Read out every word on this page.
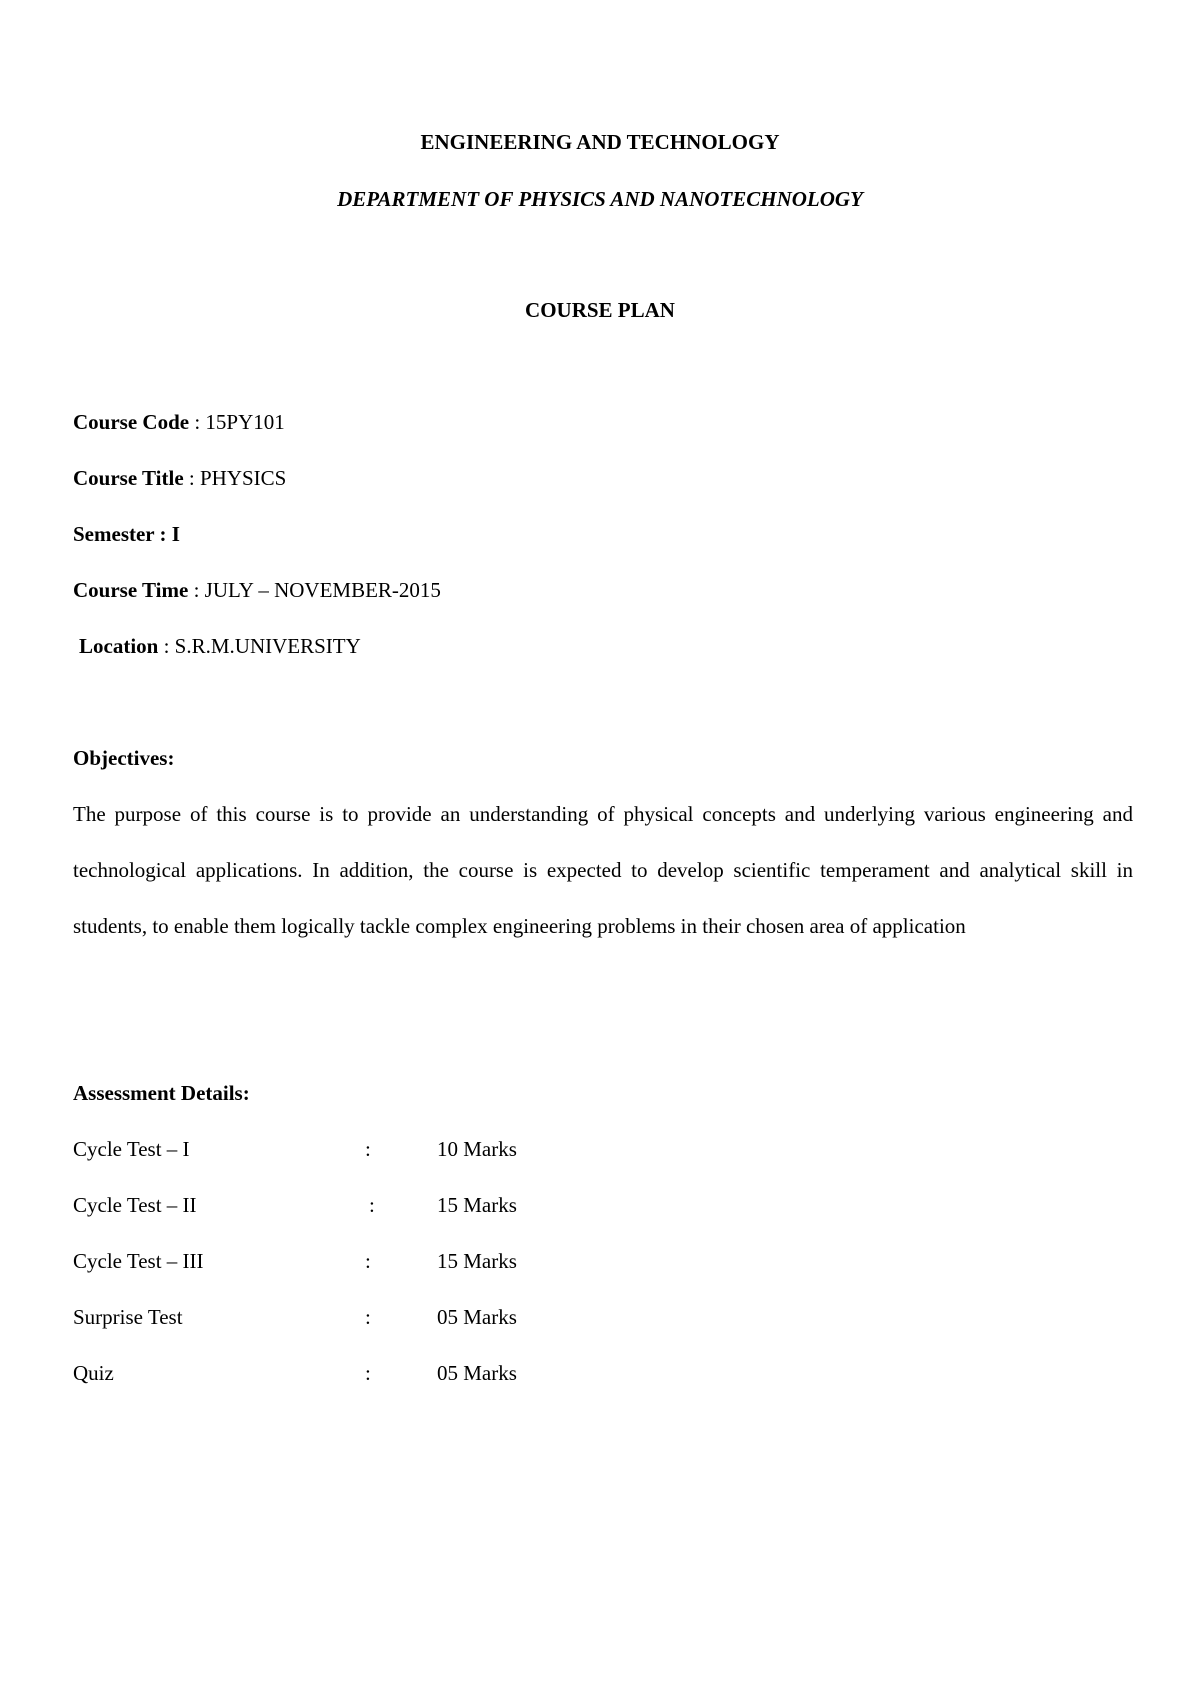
ENGINEERING AND TECHNOLOGY
DEPARTMENT OF PHYSICS AND NANOTECHNOLOGY
COURSE PLAN
Course Code : 15PY101
Course Title : PHYSICS
Semester : I
Course Time : JULY – NOVEMBER-2015
Location : S.R.M.UNIVERSITY
Objectives:
The purpose of this course is to provide an understanding of physical concepts and underlying various engineering and technological applications. In addition, the course is expected to develop scientific temperament and analytical skill in students, to enable them logically tackle complex engineering problems in their chosen area of application
Assessment Details:
Cycle Test – I	:	10 Marks
Cycle Test – II	:	15 Marks
Cycle Test – III	:	15 Marks
Surprise Test	:	05 Marks
Quiz	:	05 Marks
